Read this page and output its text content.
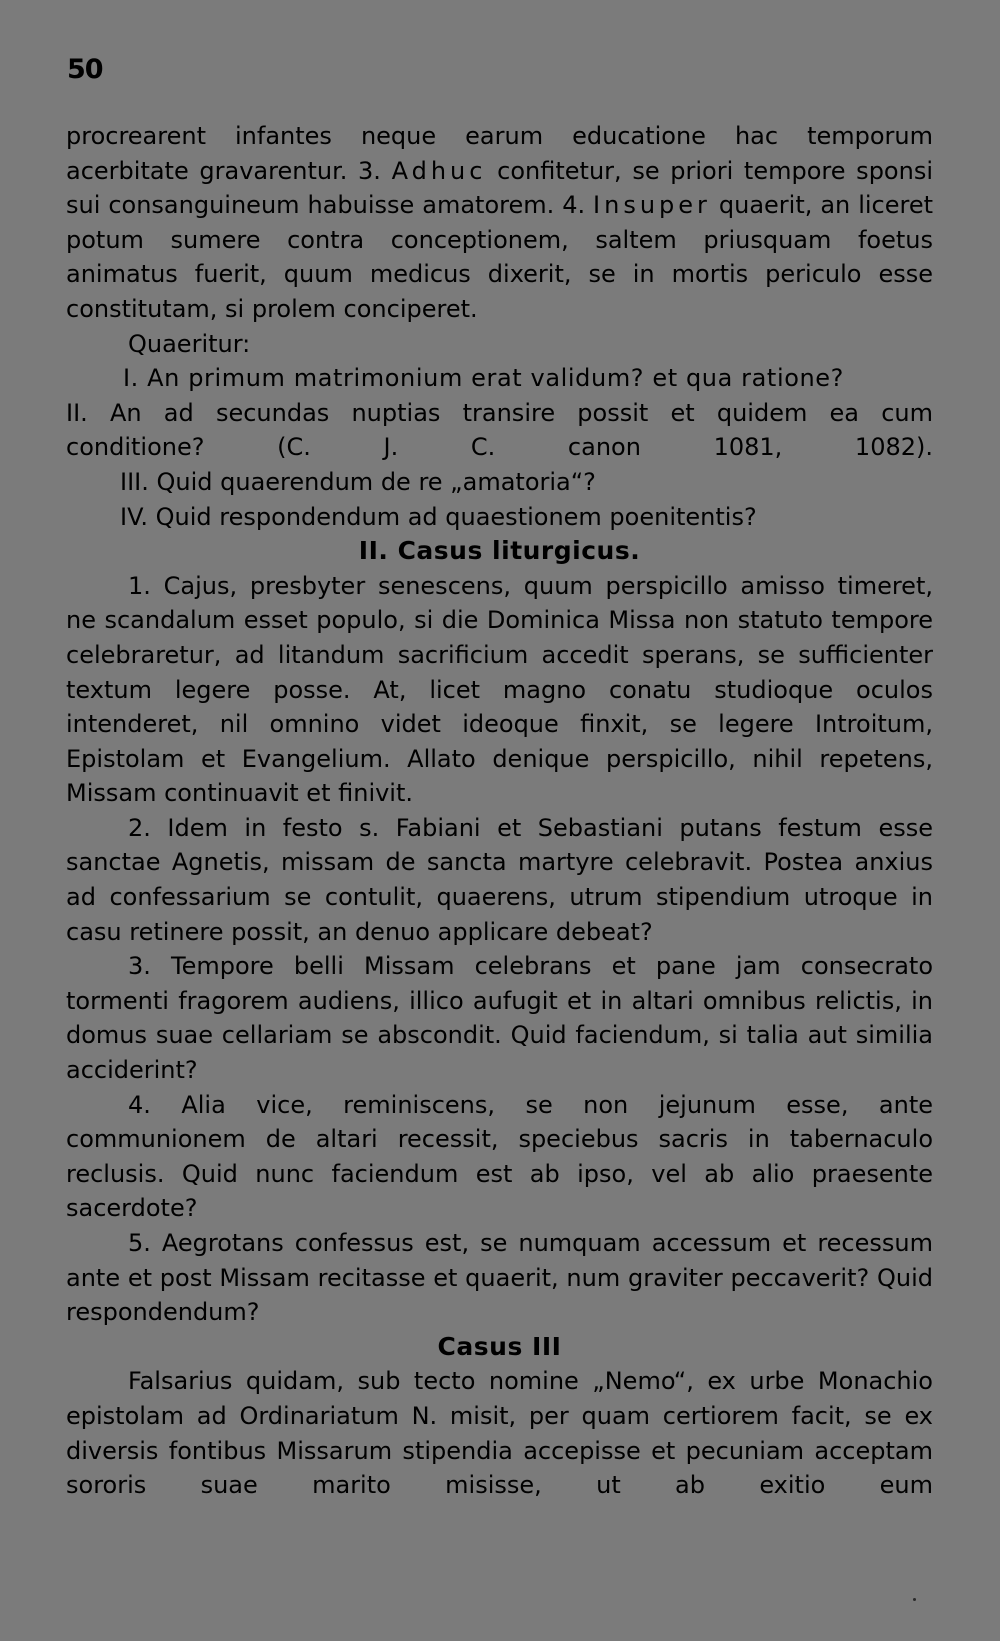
50

procrearent infantes neque earum educatione hac temporum acerbitate gravarentur. 3. Adhuc confitetur, se priori tempore sponsi sui consanguineum habuisse amatorem. 4. Insuper quaerit, an liceret potum sumere contra conceptionem, saltem priusquam foetus animatus fuerit, quum medicus dixerit, se in mortis periculo esse constitutam, si prolem conciperet.

Quaeritur:

I. An primum matrimonium erat validum? et qua ratione?

II. An ad secundas nuptias transire possit et quidem ea cum conditione? (C. J. C. canon 1081, 1082).

III. Quid quaerendum de re „amatoria“?

IV. Quid respondendum ad quaestionem poenitentis?

II. Casus liturgicus.

1. Cajus, presbyter senescens, quum perspicillo amisso timeret, ne scandalum esset populo, si die Dominica Missa non statuto tempore celebraretur, ad litandum sacrificium accedit sperans, se sufficienter textum legere posse. At, licet magno conatu studioque oculos intenderet, nil omnino videt ideoque finxit, se legere Introitum, Epistolam et Evangelium. Allato denique perspicillo, nihil repetens, Missam continuavit et finivit.

2. Idem in festo s. Fabiani et Sebastiani putans festum esse sanctae Agnetis, missam de sancta martyre celebravit. Postea anxius ad confessarium se contulit, quaerens, utrum stipendium utroque in casu retinere possit, an denuo applicare debeat?

3. Tempore belli Missam celebrans et pane jam consecrato tormenti fragorem audiens, illico aufugit et in altari omnibus relictis, in domus suae cellariam se abscondit. Quid faciendum, si talia aut similia acciderint?

4. Alia vice, reminiscens, se non jejunum esse, ante communionem de altari recessit, speciebus sacris in tabernaculo reclusis. Quid nunc faciendum est ab ipso, vel ab alio praesente sacerdote?

5. Aegrotans confessus est, se numquam accessum et recessum ante et post Missam recitasse et quaerit, num graviter peccaverit? Quid respondendum?

Casus III

Falsarius quidam, sub tecto nomine „Nemo“, ex urbe Monachio epistolam ad Ordinariatum N. misit, per quam certiorem facit, se ex diversis fontibus Missarum stipendia accepisse et pecuniam acceptam sororis suae marito misisse, ut ab exitio eum
